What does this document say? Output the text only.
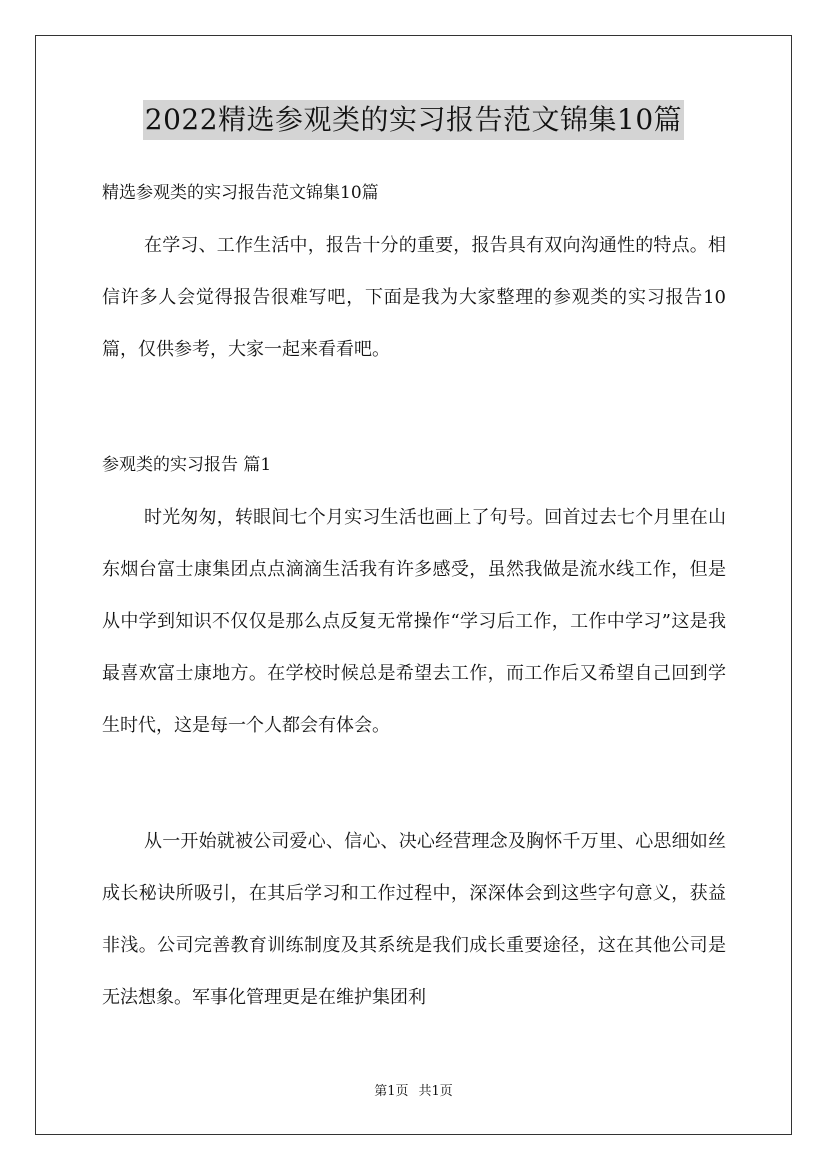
2022精选参观类的实习报告范文锦集10篇
精选参观类的实习报告范文锦集10篇

在学习、工作生活中，报告十分的重要，报告具有双向沟通性的特点。相信许多人会觉得报告很难写吧，下面是我为大家整理的参观类的实习报告10篇，仅供参考，大家一起来看看吧。

参观类的实习报告 篇1

时光匆匆，转眼间七个月实习生活也画上了句号。回首过去七个月里在山东烟台富士康集团点点滴滴生活我有许多感受，虽然我做是流水线工作，但是从中学到知识不仅仅是那么点反复无常操作“学习后工作，工作中学习”这是我最喜欢富士康地方。在学校时候总是希望去工作，而工作后又希望自己回到学生时代，这是每一个人都会有体会。

从一开始就被公司爱心、信心、决心经营理念及胸怀千万里、心思细如丝成长秘诀所吸引，在其后学习和工作过程中，深深体会到这些字句意义，获益非浅。公司完善教育训练制度及其系统是我们成长重要途径，这在其他公司是无法想象。军事化管理更是在维护集团利

第1页 共1页
